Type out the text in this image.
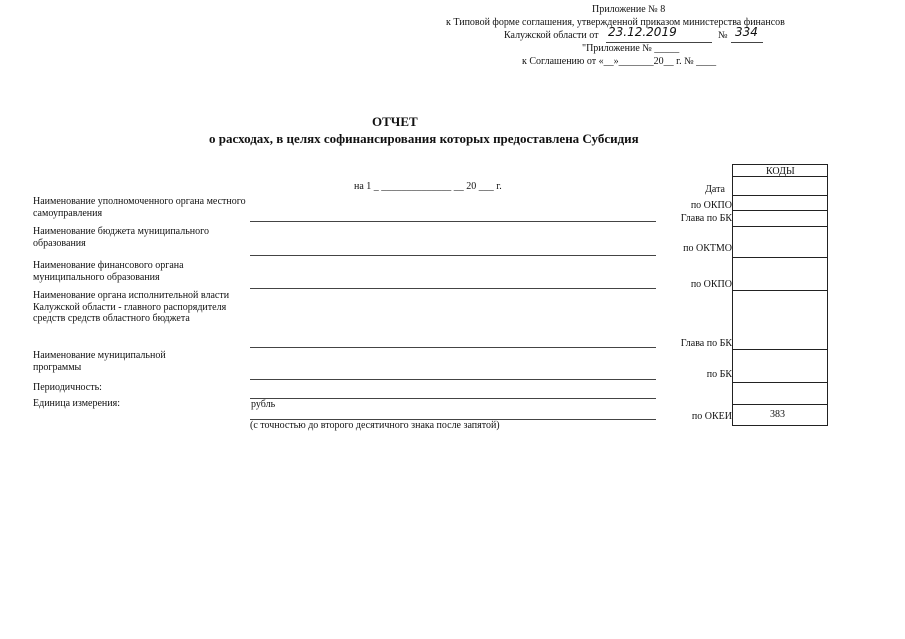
Приложение № 8
к Типовой форме соглашения, утвержденной приказом министерства финансов
Калужской области от 23.12.2019	№ 334
"Приложение № _____
к Соглашению от «__»_______20__ г. № ____
ОТЧЕТ
о расходах, в целях софинансирования которых предоставлена Субсидия
на 1 _ ______________ __ 20 ___ г.
Наименование уполномоченного органа местного самоуправления
Наименование бюджета муниципального образования
Наименование финансового органа муниципального образования
Наименование органа исполнительной власти Калужской области - главного распорядителя средств средств областного бюджета
Наименование муниципальной программы
Периодичность:
Единица измерения:	рубль
(с точностью до второго десятичного знака после запятой)
Дата
по ОКПО
Глава по БК
по ОКТМО
по ОКПО
Глава по БК
по БК
по ОКЕИ
КОДЫ
383
